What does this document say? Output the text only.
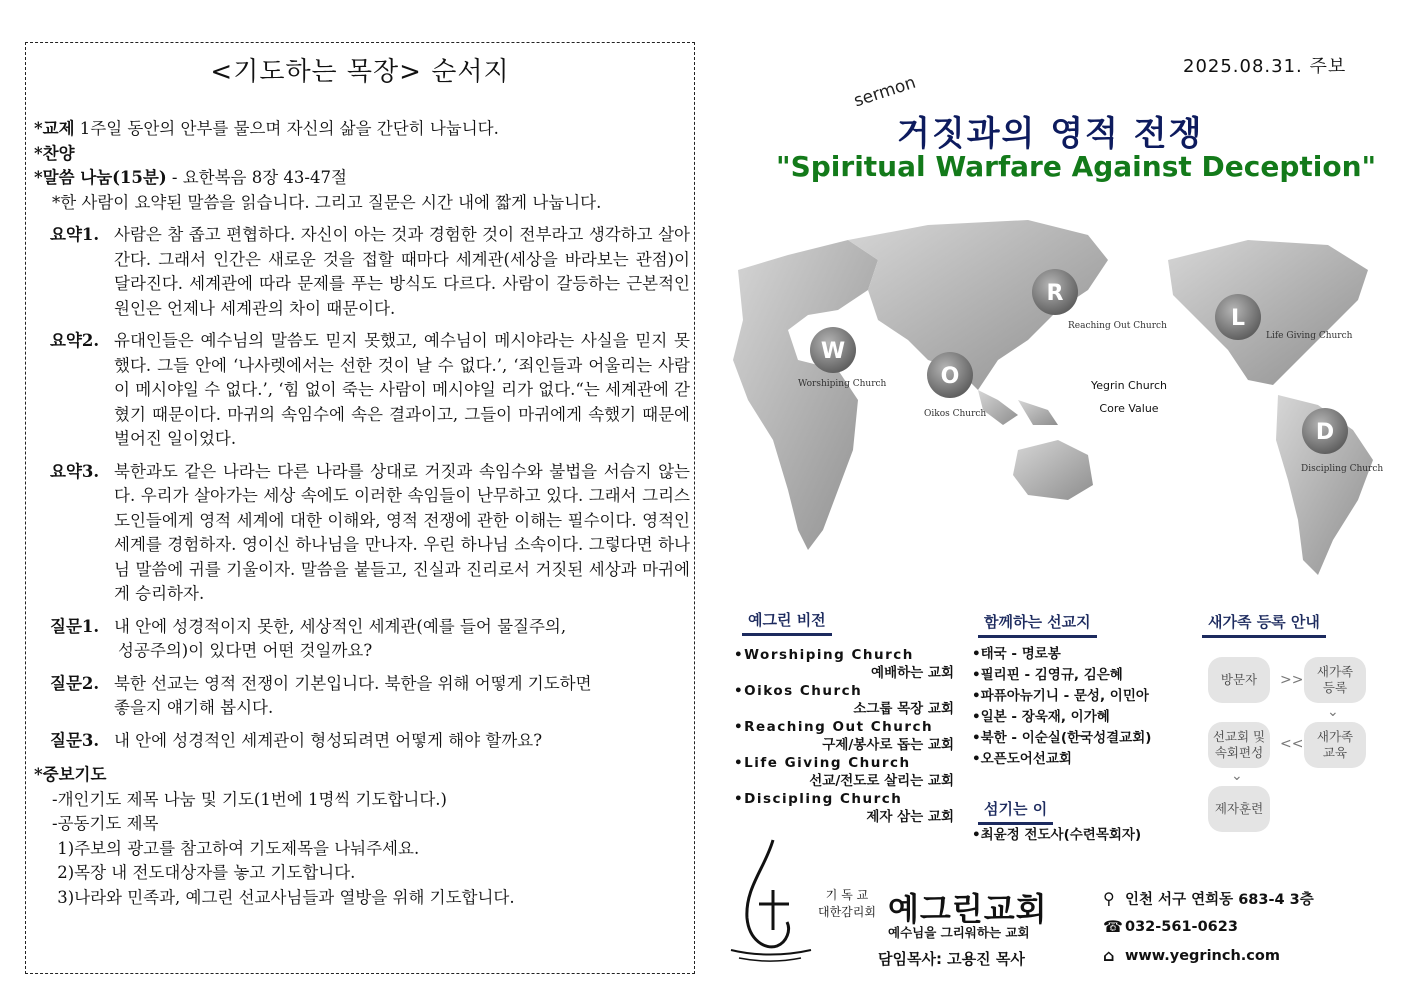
<기도하는 목장> 순서지

*교제 1주일 동안의 안부를 물으며 자신의 삶을 간단히 나눕니다.

*찬양

*말씀 나눔(15분) - 요한복음 8장 43-47절

*한 사람이 요약된 말씀을 읽습니다. 그리고 질문은 시간 내에 짧게 나눕니다.

요약1. 사람은 참 좁고 편협하다. 자신이 아는 것과 경험한 것이 전부라고 생각하고 살아간다. 그래서 인간은 새로운 것을 접할 때마다 세계관(세상을 바라보는 관점)이 달라진다. 세계관에 따라 문제를 푸는 방식도 다르다. 사람이 갈등하는 근본적인 원인은 언제나 세계관의 차이 때문이다.
요약2. 유대인들은 예수님의 말씀도 믿지 못했고, 예수님이 메시야라는 사실을 믿지 못했다. 그들 안에 ‘나사렛에서는 선한 것이 날 수 없다.’, ‘죄인들과 어울리는 사람이 메시야일 수 없다.’, ‘힘 없이 죽는 사람이 메시야일 리가 없다.“는 세계관에 갇혔기 때문이다. 마귀의 속임수에 속은 결과이고, 그들이 마귀에게 속했기 때문에 벌어진 일이었다.
요약3. 북한과도 같은 나라는 다른 나라를 상대로 거짓과 속임수와 불법을 서슴지 않는다. 우리가 살아가는 세상 속에도 이러한 속임들이 난무하고 있다. 그래서 그리스도인들에게 영적 세계에 대한 이해와, 영적 전쟁에 관한 이해는 필수이다. 영적인 세계를 경험하자. 영이신 하나님을 만나자. 우린 하나님 소속이다. 그렇다면 하나님 말씀에 귀를 기울이자. 말씀을 붙들고, 진실과 진리로서 거짓된 세상과 마귀에게 승리하자.
질문1. 내 안에 성경적이지 못한, 세상적인 세계관(예를 들어 물질주의,
성공주의)이 있다면 어떤 것일까요?
질문2. 북한 선교는 영적 전쟁이 기본입니다. 북한을 위해 어떻게 기도하면
좋을지 얘기해 봅시다.
질문3. 내 안에 성경적인 세계관이 형성되려면 어떻게 해야 할까요?

*중보기도

-개인기도 제목 나눔 및 기도(1번에 1명씩 기도합니다.)

-공동기도 제목

1)주보의 광고를 참고하여 기도제목을 나눠주세요.

2)목장 내 전도대상자를 놓고 기도합니다.

3)나라와 민족과, 예그린 선교사님들과 열방을 위해 기도합니다.

2025.08.31. 주보
sermon
거짓과의 영적 전쟁
"Spiritual Warfare Against Deception"
W
O
R
L
D
Worshiping Church
Oikos Church
Reaching Out Church
Life Giving Church
Discipling Church
Yegrin Church
Core Value
예그린 비전
•Worshiping Church
예배하는 교회
•Oikos Church
소그룹 목장 교회
•Reaching Out Church
구제/봉사로 돕는 교회
•Life Giving Church
선교/전도로 살리는 교회
•Discipling Church
제자 삼는 교회
함께하는 선교지
•태국 - 명로봉
•필리핀 - 김영규, 김은혜
•파퓨아뉴기니 - 문성, 이민아
•일본 - 장욱재, 이가혜
•북한 - 이순실(한국성결교회)
•오픈도어선교회
섬기는 이
•최윤정 전도사(수련목회자)
새가족 등록 안내
방문자	>>
새가족
등록
⌄
새가족
교육
<<
선교회 및
속회편성
⌄
제자훈련
기 독 교
대한감리회 예그린교회
예수님을 그리워하는 교회
담임목사: 고용진 목사
⚲ 인천 서구 연희동 683-4 3층
☎ 032-561-0623
⌂ www.yegrinch.com
